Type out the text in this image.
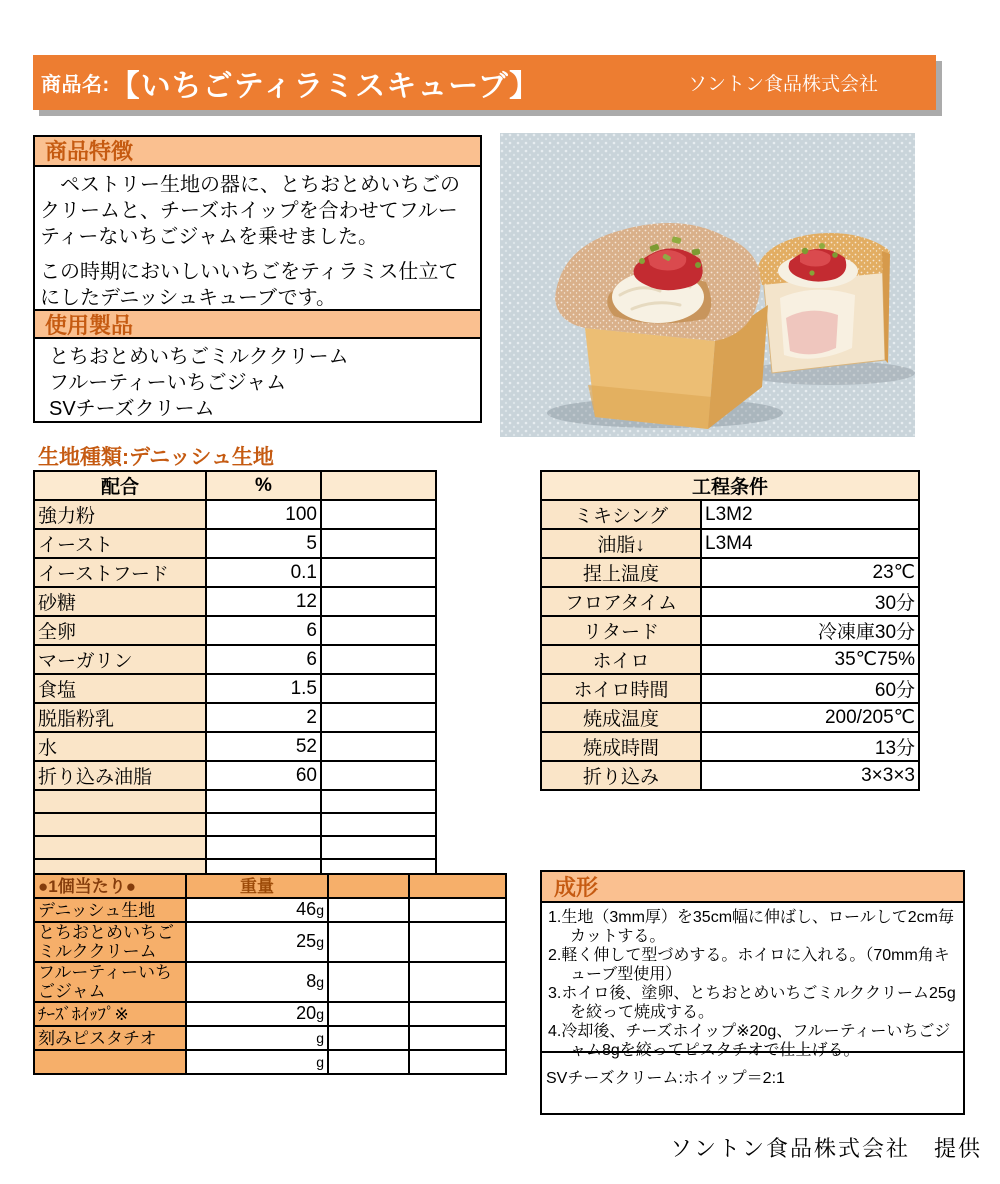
商品名: 【いちごティラミスキューブ】	ソントン食品株式会社
商品特徴

　ペストリー生地の器に、とちおとめいちごのクリームと、チーズホイップを合わせてフルーティーないちごジャムを乗せました。

この時期においしいいちごをティラミス仕立てにしたデニッシュキューブです。

使用製品
とちおとめいちごミルククリーム
フルーティーいちごジャム
SVチーズクリーム
生地種類:デニッシュ生地
配合	%	
強力粉	100	
イースト	5	
イーストフード	0.1	
砂糖	12	
全卵	6	
マーガリン	6	
食塩	1.5	
脱脂粉乳	2	
水	52	
折り込み油脂	60	

工程条件	
ミキシング	L3M2
油脂↓	L3M4
捏上温度	23℃
フロアタイム	30分
リタード	冷凍庫30分
ホイロ	35℃75%
ホイロ時間	60分
焼成温度	200/205℃
焼成時間	13分
折り込み	3×3×3
●1個当たり●	重量		
デニッシュ生地	46g		
とちおとめいちごミルククリーム	25g		
フルーティーいちごジャム	8g		
ﾁｰｽﾞﾎｲｯﾌﾟ※	20g		
刻みピスタチオ	g		
	g		
成形
1.生地（3mm厚）を35cm幅に伸ばし、ロールして2cm毎カットする。
2.軽く伸して型づめする。ホイロに入れる。（70mm角キューブ型使用）
3.ホイロ後、塗卵、とちおとめいちごミルククリーム25gを絞って焼成する。
4.冷却後、チーズホイップ※20g、フルーティーいちごジャム8gを絞ってピスタチオで仕上げる。
SVチーズクリーム:ホイップ＝2:1
ソントン食品株式会社　提供
